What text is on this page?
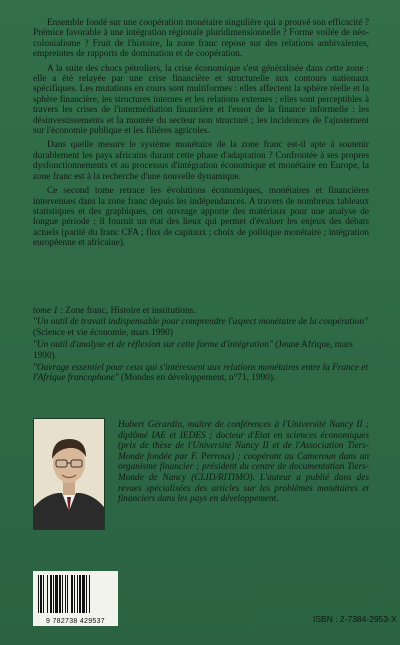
Ensemble fondé sur une coopération monétaire singulière qui a prouvé son efficacité ? Prémice favorable à une intégration régionale pluridimensionnelle ? Forme voilée de néo-colonialisme ? Fruit de l'histoire, la zone franc repose sur des relations ambivalentes, empreintes de rapports de domination et de coopération.

A la suite des chocs pétroliers, la crise économique s'est généralisée dans cette zone : elle a été relayée par une crise financière et structurelle aux contours nationaux spécifiques. Les mutations en cours sont multiformes : elles affectent la sphère réelle et la sphère financière, les structures internes et les relations externes ; elles sont perceptibles à travers les crises de l'intermédiation financière et l'essor de la finance informelle : les désinvestissements et la montée du secteur non structuré ; les incidences de l'ajustement sur l'économie publique et les filières agricoles.

Dans quelle mesure le système monétaire de la zone franc est-il apte à soutenir durablement les pays africains durant cette phase d'adaptation ? Confrontée à ses propres dysfonctionnements et au processus d'intégration économique et monétaire en Europe, la zone franc est à la recherche d'une nouvelle dynamique.

Ce second tome retrace les évolutions économiques, monétaires et financières intervenues dans la zone franc depuis les indépendances. A travers de nombreux tableaux statistiques et des graphiques, cet ouvrage apporte des matériaux pour une analyse de longue période ; il fournit un état des lieux qui permet d'évaluer les enjeux des débats actuels (parité du franc CFA ; flux de capitaux ; choix de politique monétaire ; intégration européenne et africaine).

tome 1 : Zone franc, Histoire et institutions.
"Un outil de travail indispensable pour comprendre l'aspect monétaire de la coopération" (Science et vie économie, mars 1990)
"Un outil d'analyse et de réflexion sur cette forme d'intégration" (Jeune Afrique, mars 1990).
"Ouvrage essentiel pour ceux qui s'intéressent aux relations monétaires entre la France et l'Afrique francophone" (Mondes en développement, n°71, 1990).
Hubert Gérardin, maître de conférences à l'Université Nancy II ; diplômé IAE et IEDES ; docteur d'Etat en sciences économiques (prix de thèse de l'Université Nancy II et de l'Association Tiers-Monde fondée par F. Perroux) ; coopérant au Cameroun dans un organisme financier ; président du centre de documentation Tiers-Monde de Nancy (CLID/RITIMO). L'auteur a publié dans des revues spécialisées des articles sur les problèmes monétaires et financiers dans les pays en développement.
9 782738 429537	ISBN : 2-7384-2953-X
